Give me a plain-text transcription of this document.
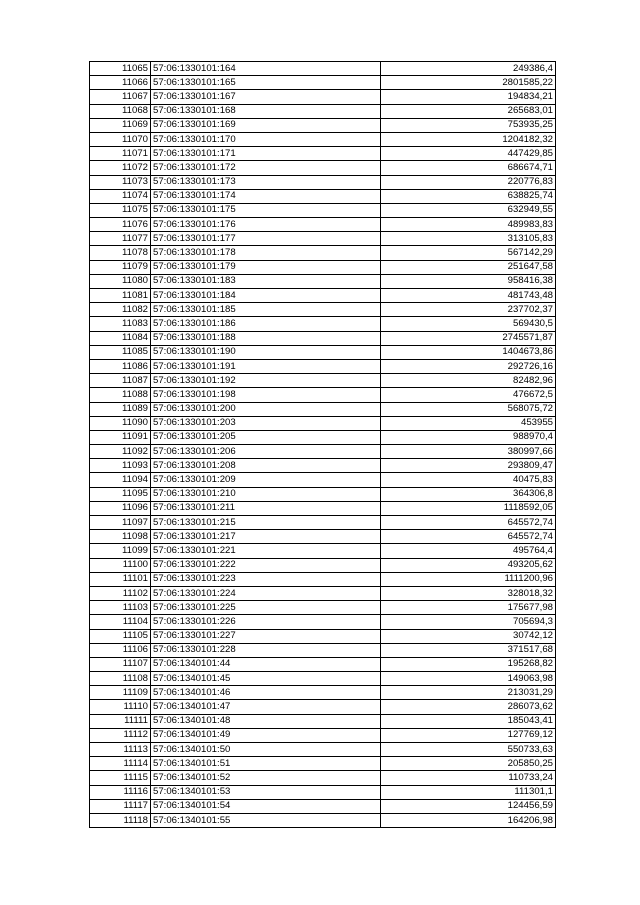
11065	57:06:1330101:164	249386,4
11066	57:06:1330101:165	2801585,22
11067	57:06:1330101:167	194834,21
11068	57:06:1330101:168	265683,01
11069	57:06:1330101:169	753935,25
11070	57:06:1330101:170	1204182,32
11071	57:06:1330101:171	447429,85
11072	57:06:1330101:172	686674,71
11073	57:06:1330101:173	220776,83
11074	57:06:1330101:174	638825,74
11075	57:06:1330101:175	632949,55
11076	57:06:1330101:176	489983,83
11077	57:06:1330101:177	313105,83
11078	57:06:1330101:178	567142,29
11079	57:06:1330101:179	251647,58
11080	57:06:1330101:183	958416,38
11081	57:06:1330101:184	481743,48
11082	57:06:1330101:185	237702,37
11083	57:06:1330101:186	569430,5
11084	57:06:1330101:188	2745571,87
11085	57:06:1330101:190	1404673,86
11086	57:06:1330101:191	292726,16
11087	57:06:1330101:192	82482,96
11088	57:06:1330101:198	476672,5
11089	57:06:1330101:200	568075,72
11090	57:06:1330101:203	453955
11091	57:06:1330101:205	988970,4
11092	57:06:1330101:206	380997,66
11093	57:06:1330101:208	293809,47
11094	57:06:1330101:209	40475,83
11095	57:06:1330101:210	364306,8
11096	57:06:1330101:211	1118592,05
11097	57:06:1330101:215	645572,74
11098	57:06:1330101:217	645572,74
11099	57:06:1330101:221	495764,4
11100	57:06:1330101:222	493205,62
11101	57:06:1330101:223	1111200,96
11102	57:06:1330101:224	328018,32
11103	57:06:1330101:225	175677,98
11104	57:06:1330101:226	705694,3
11105	57:06:1330101:227	30742,12
11106	57:06:1330101:228	371517,68
11107	57:06:1340101:44	195268,82
11108	57:06:1340101:45	149063,98
11109	57:06:1340101:46	213031,29
11110	57:06:1340101:47	286073,62
11111	57:06:1340101:48	185043,41
11112	57:06:1340101:49	127769,12
11113	57:06:1340101:50	550733,63
11114	57:06:1340101:51	205850,25
11115	57:06:1340101:52	110733,24
11116	57:06:1340101:53	111301,1
11117	57:06:1340101:54	124456,59
11118	57:06:1340101:55	164206,98
